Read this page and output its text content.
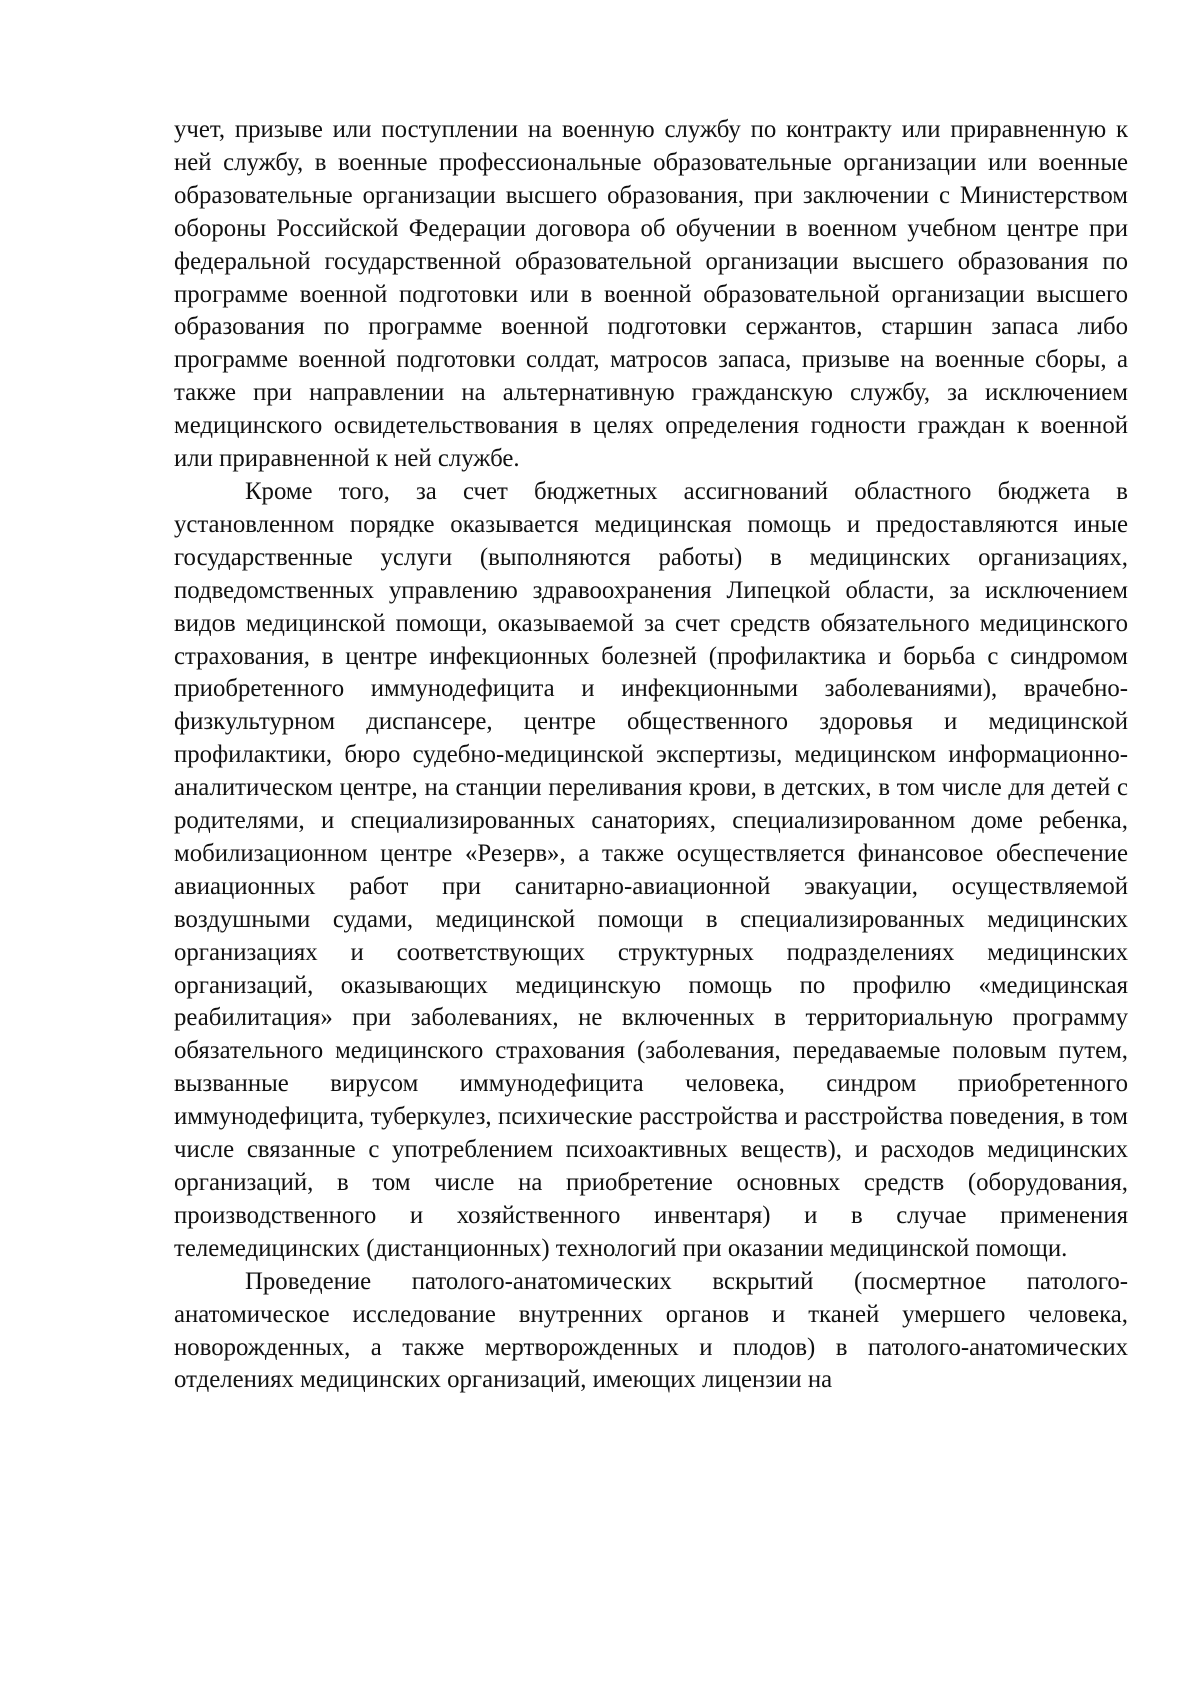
учет, призыве или поступлении на военную службу по контракту или приравненную к ней службу, в военные профессиональные образовательные организации или военные образовательные организации высшего образования, при заключении с Министерством обороны Российской Федерации договора об обучении в военном учебном центре при федеральной государственной образовательной организации высшего образования по программе военной подготовки или в военной образовательной организации высшего образования по программе военной подготовки сержантов, старшин запаса либо программе военной подготовки солдат, матросов запаса, призыве на военные сборы, а также при направлении на альтернативную гражданскую службу, за исключением медицинского освидетельствования в целях определения годности граждан к военной или приравненной к ней службе.

Кроме того, за счет бюджетных ассигнований областного бюджета в установленном порядке оказывается медицинская помощь и предоставляются иные государственные услуги (выполняются работы) в медицинских организациях, подведомственных управлению здравоохранения Липецкой области, за исключением видов медицинской помощи, оказываемой за счет средств обязательного медицинского страхования, в центре инфекционных болезней (профилактика и борьба с синдромом приобретенного иммунодефицита и инфекционными заболеваниями), врачебно-физкультурном диспансере, центре общественного здоровья и медицинской профилактики, бюро судебно-медицинской экспертизы, медицинском информационно-аналитическом центре, на станции переливания крови, в детских, в том числе для детей с родителями, и специализированных санаториях, специализированном доме ребенка, мобилизационном центре «Резерв», а также осуществляется финансовое обеспечение авиационных работ при санитарно-авиационной эвакуации, осуществляемой воздушными судами, медицинской помощи в специализированных медицинских организациях и соответствующих структурных подразделениях медицинских организаций, оказывающих медицинскую помощь по профилю «медицинская реабилитация» при заболеваниях, не включенных в территориальную программу обязательного медицинского страхования (заболевания, передаваемые половым путем, вызванные вирусом иммунодефицита человека, синдром приобретенного иммунодефицита, туберкулез, психические расстройства и расстройства поведения, в том числе связанные с употреблением психоактивных веществ), и расходов медицинских организаций, в том числе на приобретение основных средств (оборудования, производственного и хозяйственного инвентаря) и в случае применения телемедицинских (дистанционных) технологий при оказании медицинской помощи.

Проведение патолого-анатомических вскрытий (посмертное патолого-анатомическое исследование внутренних органов и тканей умершего человека, новорожденных, а также мертворожденных и плодов) в патолого-анатомических отделениях медицинских организаций, имеющих лицензии на
